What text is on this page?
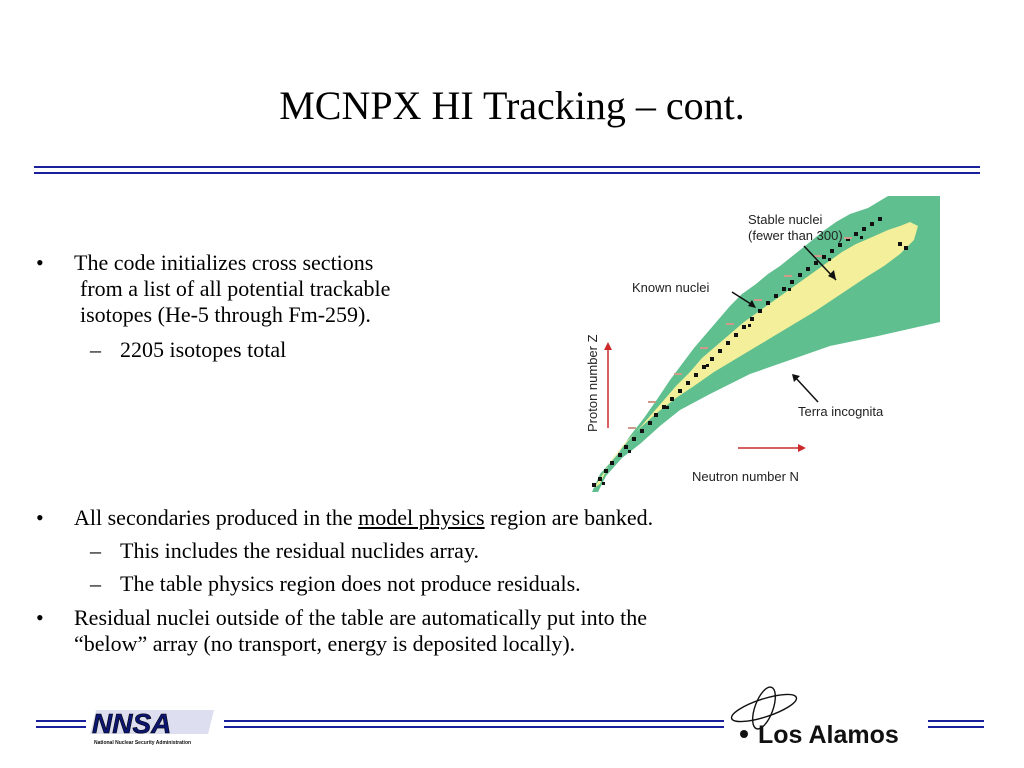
MCNPX HI Tracking – cont.
• The code initializes cross sections
from a list of all potential trackable
isotopes (He-5 through Fm-259).
– 2205 isotopes total
Stable nuclei
(fewer than 300)
Known nuclei
Terra incognita
Proton number Z
Neutron number N
• All secondaries produced in the model physics region are banked.
– This includes the residual nuclides array.
– The table physics region does not produce residuals.
• Residual nuclei outside of the table are automatically put into the
“below” array (no transport, energy is deposited locally).
NNSA
National Nuclear Security Administration	Los Alamos
